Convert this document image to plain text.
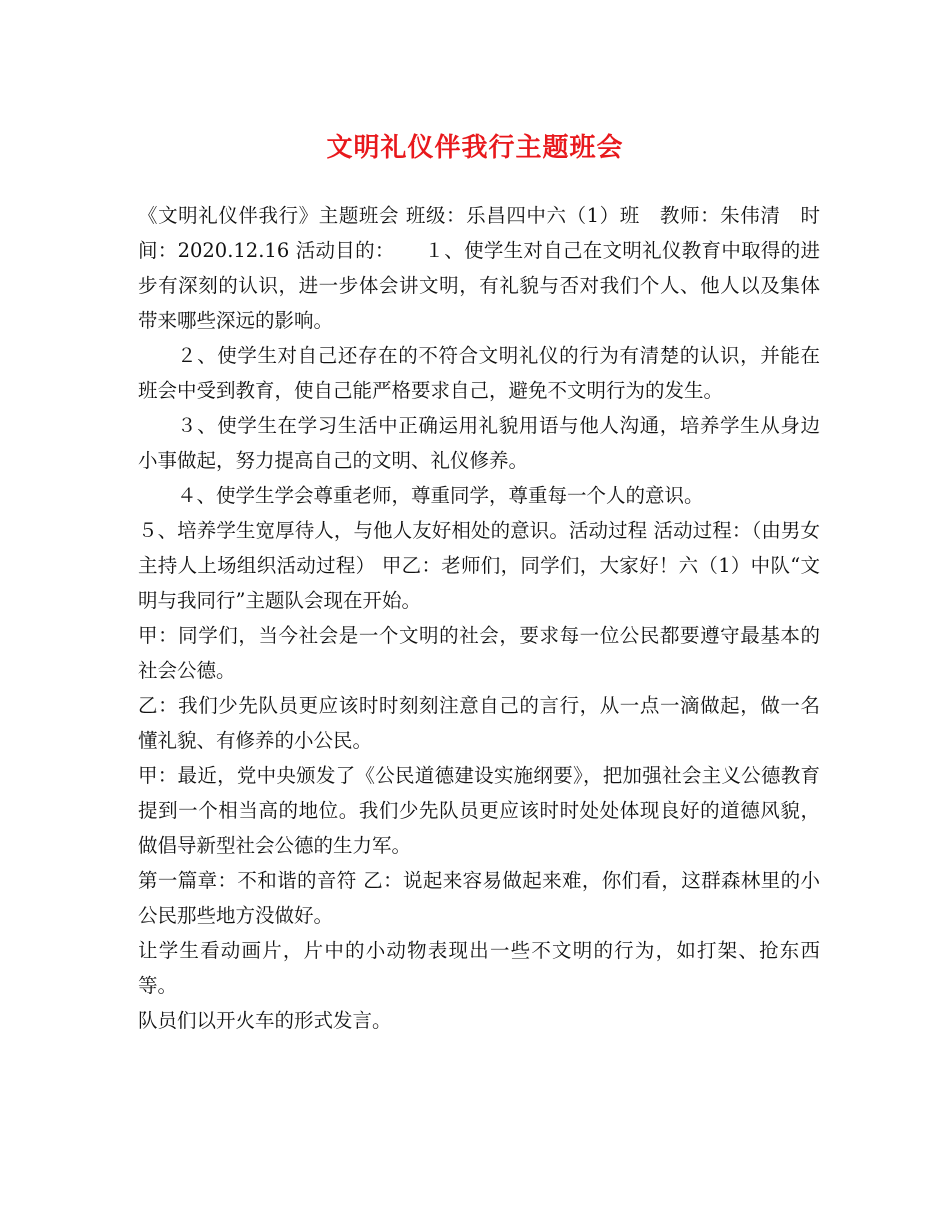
文明礼仪伴我行主题班会

《文明礼仪伴我行》主题班会 班级：乐昌四中六（1）班　教师：朱伟清　时间：2020.12.16 活动目的：　　１、使学生对自己在文明礼仪教育中取得的进步有深刻的认识，进一步体会讲文明，有礼貌与否对我们个人、他人以及集体带来哪些深远的影响。

２、使学生对自己还存在的不符合文明礼仪的行为有清楚的认识，并能在班会中受到教育，使自己能严格要求自己，避免不文明行为的发生。

３、使学生在学习生活中正确运用礼貌用语与他人沟通，培养学生从身边小事做起，努力提高自己的文明、礼仪修养。

４、使学生学会尊重老师，尊重同学，尊重每一个人的意识。

５、培养学生宽厚待人，与他人友好相处的意识。活动过程 活动过程：（由男女主持人上场组织活动过程） 甲乙：老师们，同学们，大家好！六（1）中队“文明与我同行”主题队会现在开始。

甲：同学们，当今社会是一个文明的社会，要求每一位公民都要遵守最基本的社会公德。

乙：我们少先队员更应该时时刻刻注意自己的言行，从一点一滴做起，做一名懂礼貌、有修养的小公民。

甲：最近，党中央颁发了《公民道德建设实施纲要》，把加强社会主义公德教育提到一个相当高的地位。我们少先队员更应该时时处处体现良好的道德风貌，做倡导新型社会公德的生力军。

第一篇章：不和谐的音符 乙：说起来容易做起来难，你们看，这群森林里的小公民那些地方没做好。

让学生看动画片，片中的小动物表现出一些不文明的行为，如打架、抢东西等。

队员们以开火车的形式发言。
